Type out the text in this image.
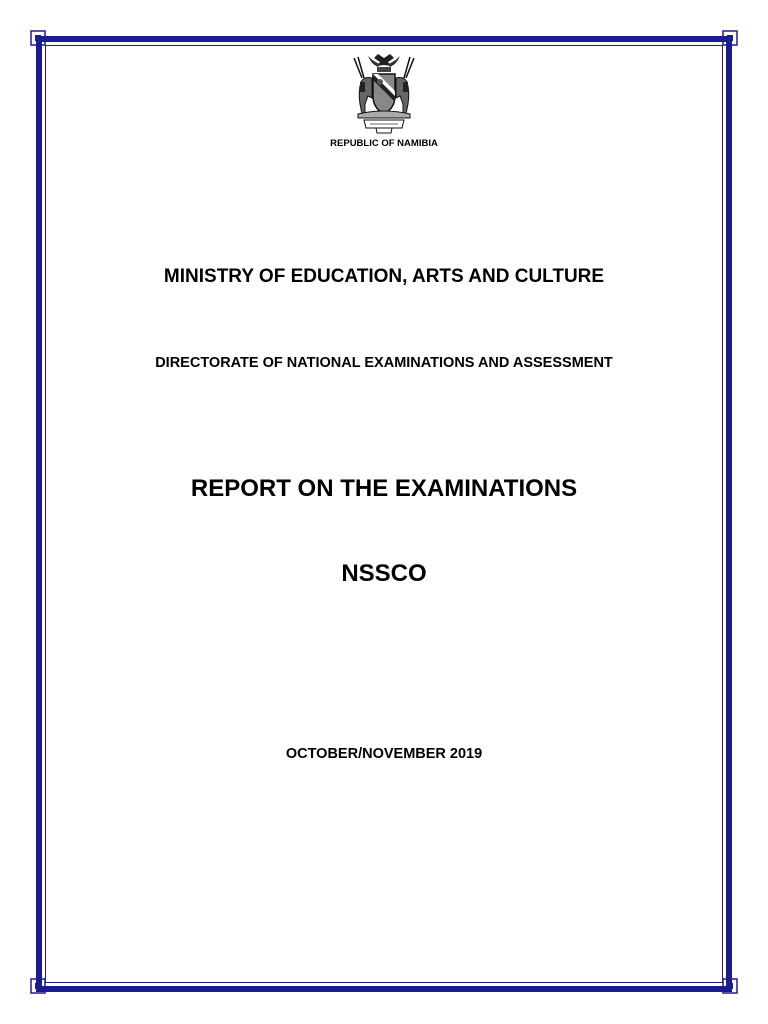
REPUBLIC OF NAMIBIA

MINISTRY OF EDUCATION, ARTS AND CULTURE

DIRECTORATE OF NATIONAL EXAMINATIONS AND ASSESSMENT

REPORT ON THE EXAMINATIONS

NSSCO

OCTOBER/NOVEMBER 2019
